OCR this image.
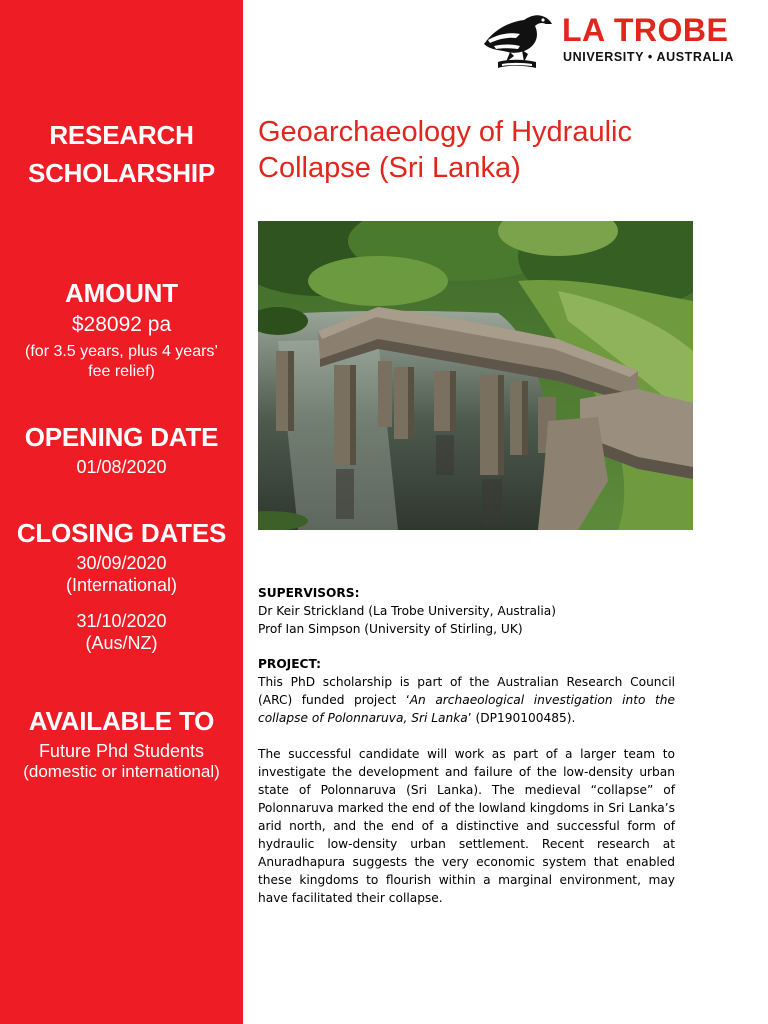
RESEARCH
SCHOLARSHIP
AMOUNT
$28092 pa
(for 3.5 years, plus 4 years’
fee relief)
OPENING DATE
01/08/2020
CLOSING DATES
30/09/2020
(International)
31/10/2020
(Aus/NZ)
AVAILABLE TO
Future Phd Students
(domestic or international)
LA TROBE
UNIVERSITY • AUSTRALIA
Geoarchaeology of Hydraulic
Collapse (Sri Lanka)
SUPERVISORS:
Dr Keir Strickland (La Trobe University, Australia)
Prof Ian Simpson (University of Stirling, UK)
PROJECT:
This PhD scholarship is part of the Australian Research Council (ARC) funded project ‘An archaeological investigation into the collapse of Polonnaruva, Sri Lanka’ (DP190100485).
The successful candidate will work as part of a larger team to investigate the development and failure of the low-density urban state of Polonnaruva (Sri Lanka). The medieval “collapse” of Polonnaruva marked the end of the lowland kingdoms in Sri Lanka’s arid north, and the end of a distinctive and successful form of hydraulic low-density urban settlement. Recent research at Anuradhapura suggests the very economic system that enabled these kingdoms to flourish within a marginal environment, may have facilitated their collapse.
